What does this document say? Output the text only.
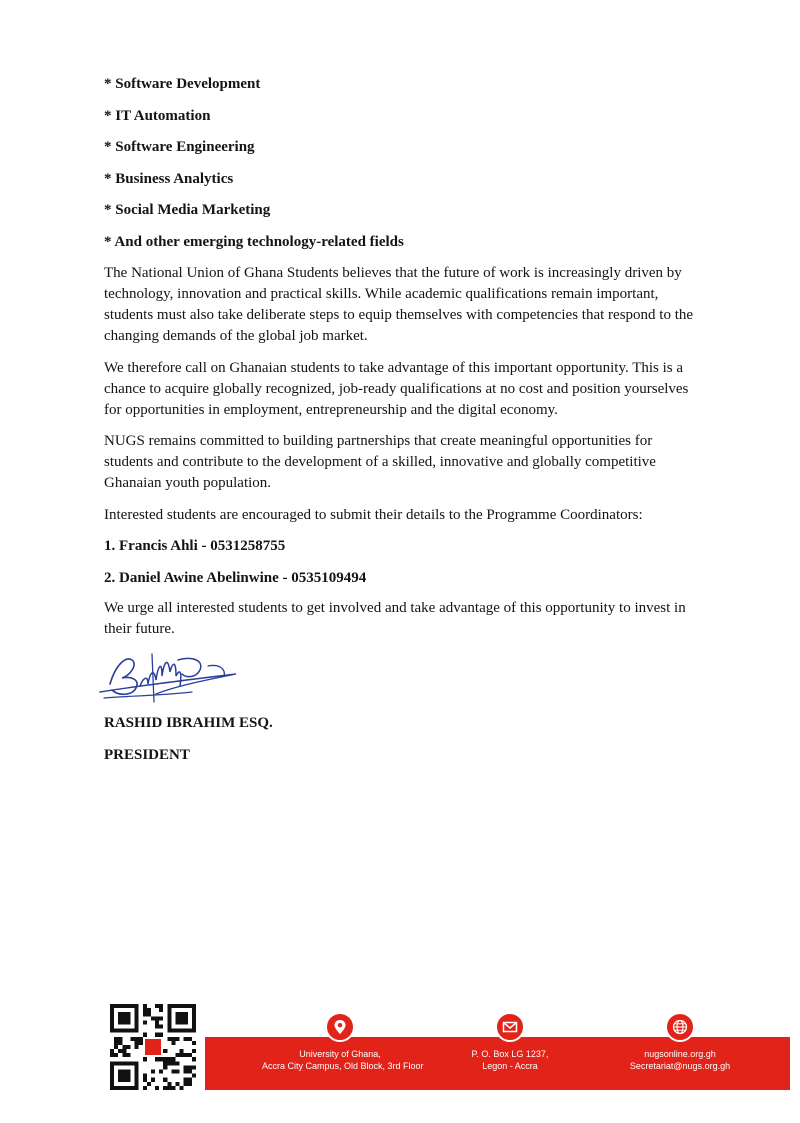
* Software Development
* IT Automation
* Software Engineering
* Business Analytics
* Social Media Marketing
* And other emerging technology-related fields

The National Union of Ghana Students believes that the future of work is increasingly driven by technology, innovation and practical skills. While academic qualifications remain important, students must also take deliberate steps to equip themselves with competencies that respond to the changing demands of the global job market.

We therefore call on Ghanaian students to take advantage of this important opportunity. This is a chance to acquire globally recognized, job-ready qualifications at no cost and position yourselves for opportunities in employment, entrepreneurship and the digital economy.

NUGS remains committed to building partnerships that create meaningful opportunities for students and contribute to the development of a skilled, innovative and globally competitive Ghanaian youth population.

Interested students are encouraged to submit their details to the Programme Coordinators:

1. Francis Ahli - 0531258755
2. Daniel Awine Abelinwine - 0535109494

We urge all interested students to get involved and take advantage of this opportunity to invest in their future.

RASHID IBRAHIM ESQ.
PRESIDENT
University of Ghana,
Accra City Campus, Old Block, 3rd Floor
P. O. Box LG 1237,
Legon - Accra
nugsonline.org.gh
Secretariat@nugs.org.gh
